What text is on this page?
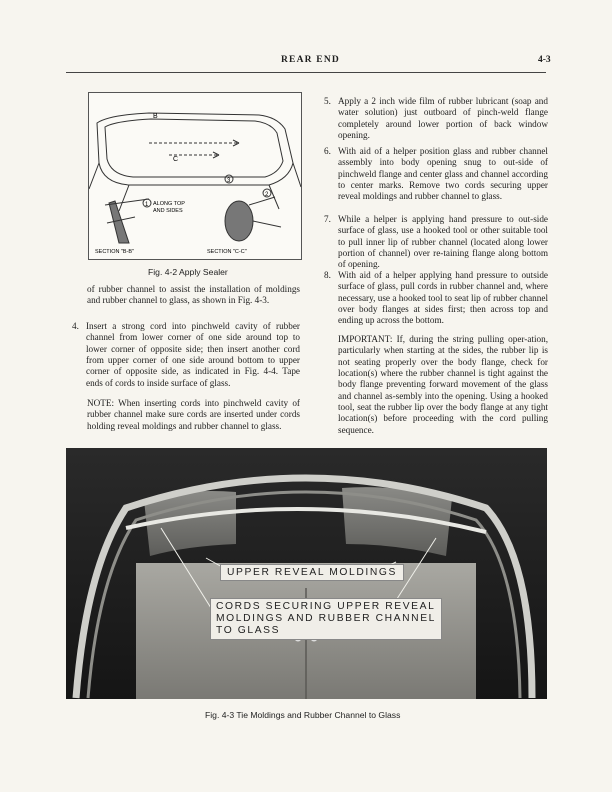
REAR END	4-3
B
C
1
2
3
ALONG TOP
AND SIDES
SECTION "B-B"	SECTION "C-C"
Fig. 4-2 Apply Sealer

of rubber channel to assist the installation of moldings and rubber channel to glass, as shown in Fig. 4-3.

4. Insert a strong cord into pinchweld cavity of rubber channel from lower corner of one side around top to lower corner of opposite side; then insert another cord from upper corner of one side around bottom to upper corner of opposite side, as indicated in Fig. 4-4. Tape ends of cords to inside surface of glass.

NOTE: When inserting cords into pinchweld cavity of rubber channel make sure cords are inserted under cords holding reveal moldings and rubber channel to glass.

5. Apply a 2 inch wide film of rubber lubricant (soap and water solution) just outboard of pinch-weld flange completely around lower portion of back window opening.

6. With aid of a helper position glass and rubber channel assembly into body opening snug to out-side of pinchweld flange and center glass and channel according to center marks. Remove two cords securing upper reveal moldings and rubber channel to glass.

7. While a helper is applying hand pressure to out-side surface of glass, use a hooked tool or other suitable tool to pull inner lip of rubber channel (located along lower portion of channel) over re-taining flange along bottom of opening.

8. With aid of a helper applying hand pressure to outside surface of glass, pull cords in rubber channel and, where necessary, use a hooked tool to seat lip of rubber channel over body flanges at sides first; then across top and ending up across the bottom.

IMPORTANT: If, during the string pulling oper-ation, particularly when starting at the sides, the rubber lip is not seating properly over the body flange, check for location(s) where the rubber channel is tight against the body flange preventing forward movement of the glass and channel as-sembly into the opening. Using a hooked tool, seat the rubber lip over the body flange at any tight location(s) before proceeding with the cord pulling sequence.

UPPER REVEAL MOLDINGS
CORDS SECURING UPPER REVEAL
MOLDINGS AND RUBBER CHANNEL
TO GLASS
Fig. 4-3 Tie Moldings and Rubber Channel to Glass
